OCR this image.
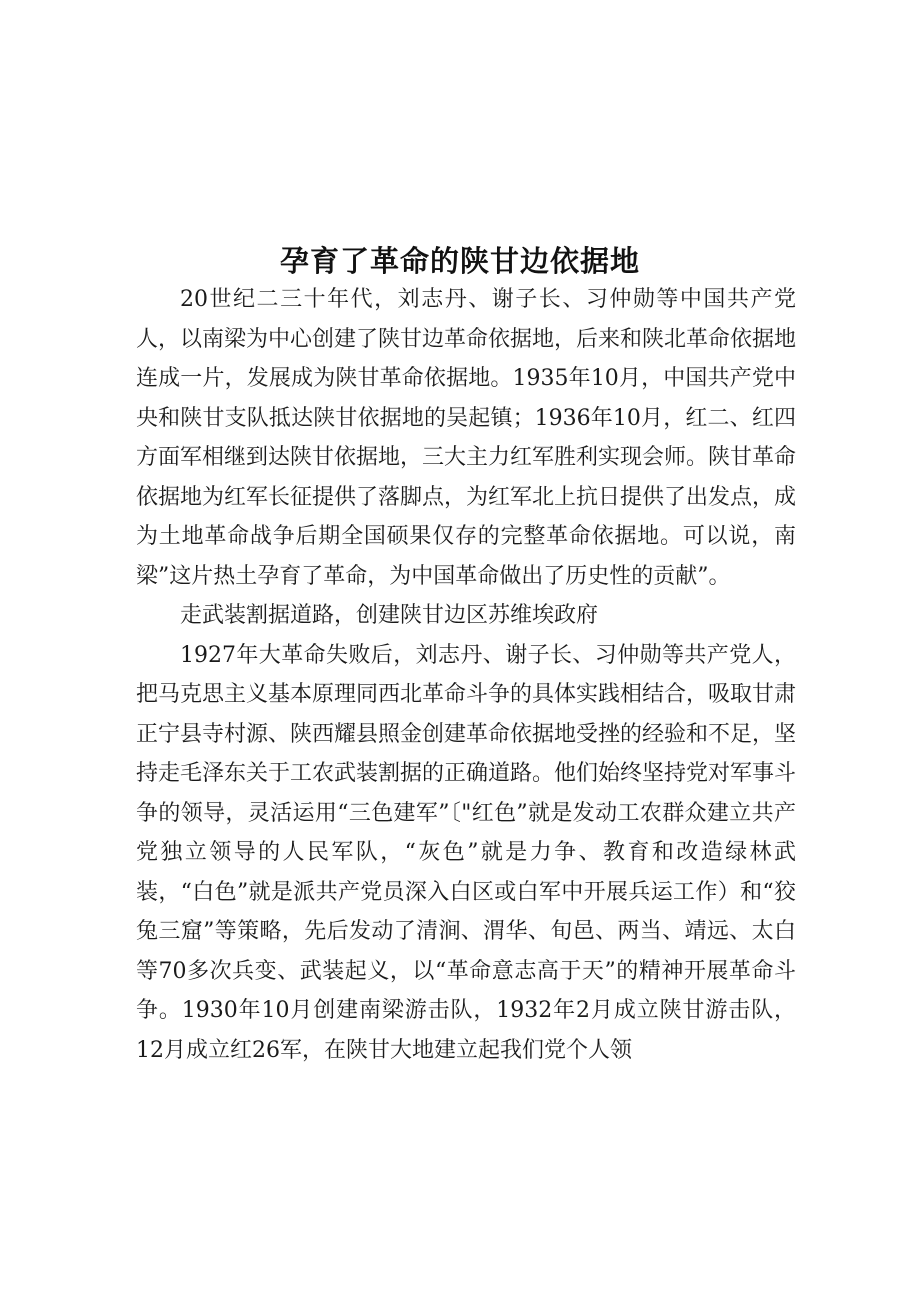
孕育了革命的陕甘边依据地

20世纪二三十年代，刘志丹、谢子长、习仲勋等中国共产党人，以南梁为中心创建了陕甘边革命依据地，后来和陕北革命依据地连成一片，发展成为陕甘革命依据地。1935年10月，中国共产党中央和陕甘支队抵达陕甘依据地的吴起镇；1936年10月，红二、红四方面军相继到达陕甘依据地，三大主力红军胜利实现会师。陕甘革命依据地为红军长征提供了落脚点，为红军北上抗日提供了出发点，成为土地革命战争后期全国硕果仅存的完整革命依据地。可以说，南梁”这片热土孕育了革命，为中国革命做出了历史性的贡献”。

走武装割据道路，创建陕甘边区苏维埃政府

1927年大革命失败后，刘志丹、谢子长、习仲勋等共产党人，把马克思主义基本原理同西北革命斗争的具体实践相结合，吸取甘肃正宁县寺村源、陕西耀县照金创建革命依据地受挫的经验和不足，坚持走毛泽东关于工农武装割据的正确道路。他们始终坚持党对军事斗争的领导，灵活运用“三色建军”〔"红色”就是发动工农群众建立共产党独立领导的人民军队，“灰色”就是力争、教育和改造绿林武装，“白色”就是派共产党员深入白区或白军中开展兵运工作）和“狡兔三窟”等策略，先后发动了清涧、渭华、旬邑、两当、靖远、太白等70多次兵变、武装起义，以“革命意志高于天”的精神开展革命斗争。1930年10月创建南梁游击队，1932年2月成立陕甘游击队，12月成立红26军，在陕甘大地建立起我们党个人领
